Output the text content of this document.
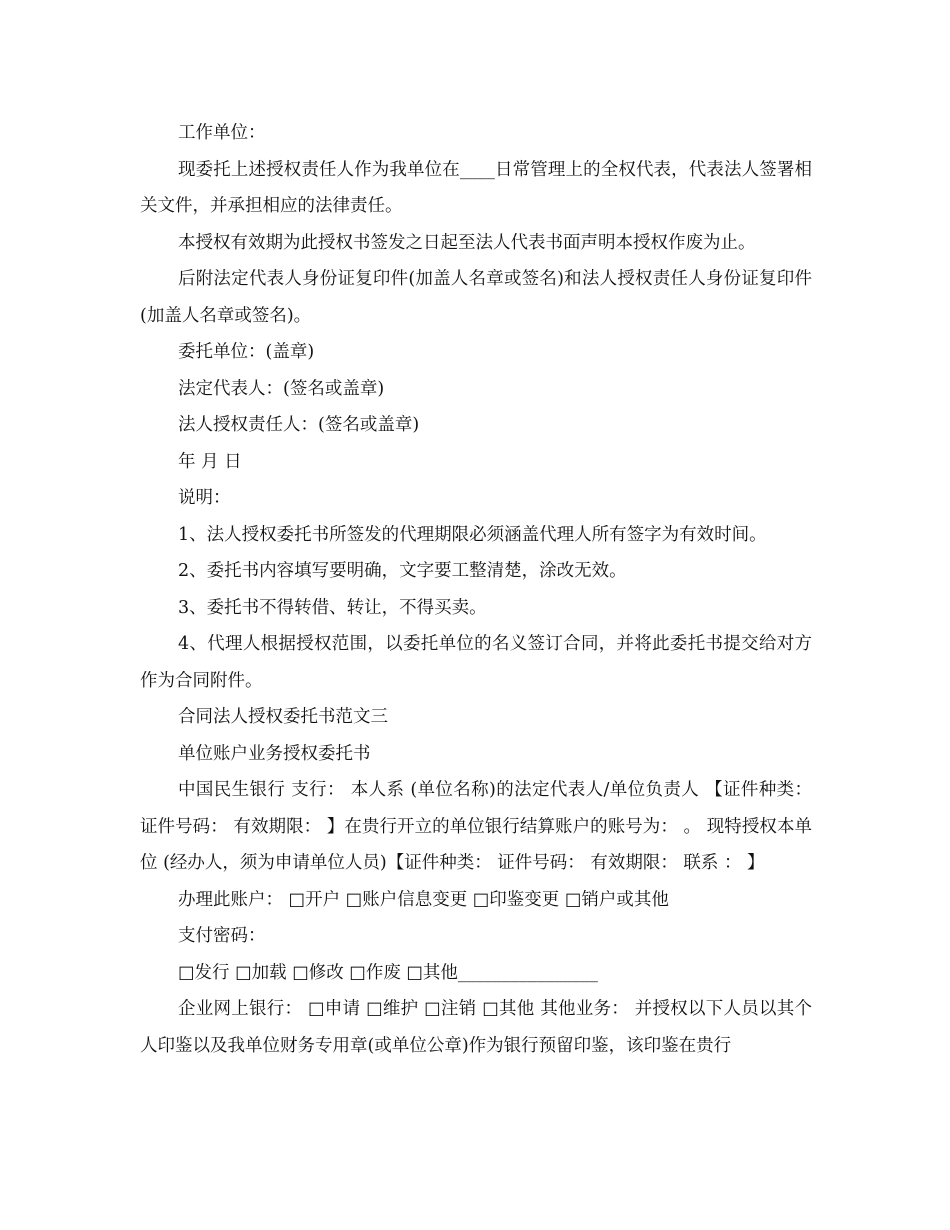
工作单位：

现委托上述授权责任人作为我单位在____日常管理上的全权代表，代表法人签署相关文件，并承担相应的法律责任。

本授权有效期为此授权书签发之日起至法人代表书面声明本授权作废为止。

后附法定代表人身份证复印件(加盖人名章或签名)和法人授权责任人身份证复印件(加盖人名章或签名)。

委托单位：(盖章)

法定代表人：(签名或盖章)

法人授权责任人：(签名或盖章)

年 月 日

说明：

1、法人授权委托书所签发的代理期限必须涵盖代理人所有签字为有效时间。

2、委托书内容填写要明确，文字要工整清楚，涂改无效。

3、委托书不得转借、转让，不得买卖。

4、代理人根据授权范围，以委托单位的名义签订合同，并将此委托书提交给对方作为合同附件。

合同法人授权委托书范文三

单位账户业务授权委托书

中国民生银行 支行： 本人系 (单位名称)的法定代表人/单位负责人 【证件种类： 证件号码： 有效期限： 】在贵行开立的单位银行结算账户的账号为： 。 现特授权本单位 (经办人，须为申请单位人员)【证件种类： 证件号码： 有效期限： 联系 ： 】

办理此账户： □开户 □账户信息变更 □印鉴变更 □销户或其他

支付密码：

□发行 □加载 □修改 □作废 □其他________________

企业网上银行： □申请 □维护 □注销 □其他 其他业务： 并授权以下人员以其个人印鉴以及我单位财务专用章(或单位公章)作为银行预留印鉴，该印鉴在贵行
